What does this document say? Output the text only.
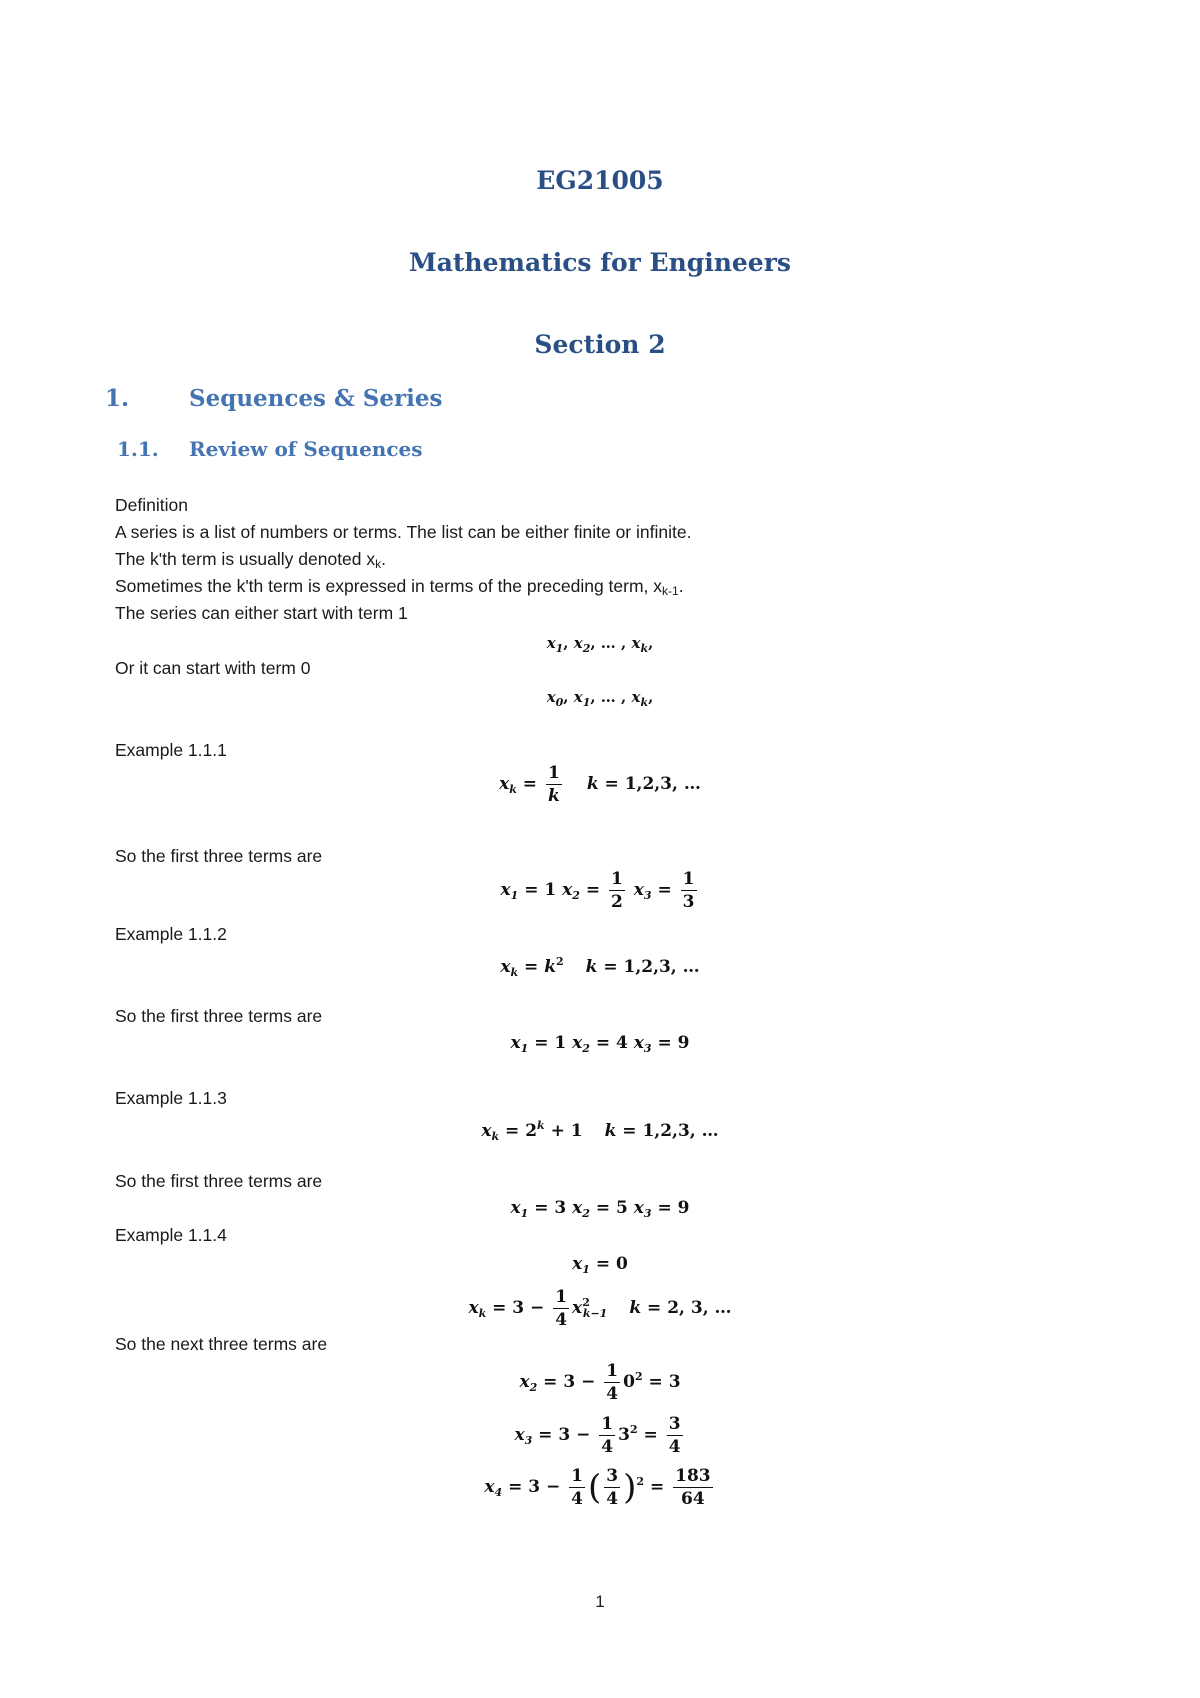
EG21005
Mathematics for Engineers
Section 2
1.	Sequences & Series
1.1. Review of Sequences
Definition
A series is a list of numbers or terms. The list can be either finite or infinite.
The k'th term is usually denoted $x_k$.
Sometimes the k'th term is expressed in terms of the preceding term, $x_{k-1}$.
The series can either start with term 1
$x_1$, $x_2$, … , $x_k$,
Or it can start with term 0
$x_0$, $x_1$, … , $x_k$,
Example 1.1.1
$x_k = \frac{1}{k}$ k = 1,2,3, …
So the first three terms are
$x_1 = 1$ $x_2 = \frac{1}{2} x_3 = \frac{1}{3}$
Example 1.1.2
$x_k = k^2$ k = 1,2,3, …
So the first three terms are
$x_1 = 1$ $x_2 = 4$ $x_3 = 9$
Example 1.1.3
$x_k = 2^k + 1$ k = 1,2,3, …
So the first three terms are
$x_1 = 3$ $x_2 = 5$ $x_3 = 9$
Example 1.1.4
$x_1 = 0$
$x_k = 3 - \frac{1}{4} x^2_{k-1}$ k = 2, 3, …
So the next three terms are
$x_2 = 3 - \frac{1}{4} 0^2 = 3$
$x_3 = 3 - \frac{1}{4} 3^2 = \frac{3}{4}$
$x_4 = 3 - \frac{1}{4}$ ( $\frac{3}{4} )^2 = \frac{183}{64}$
1
